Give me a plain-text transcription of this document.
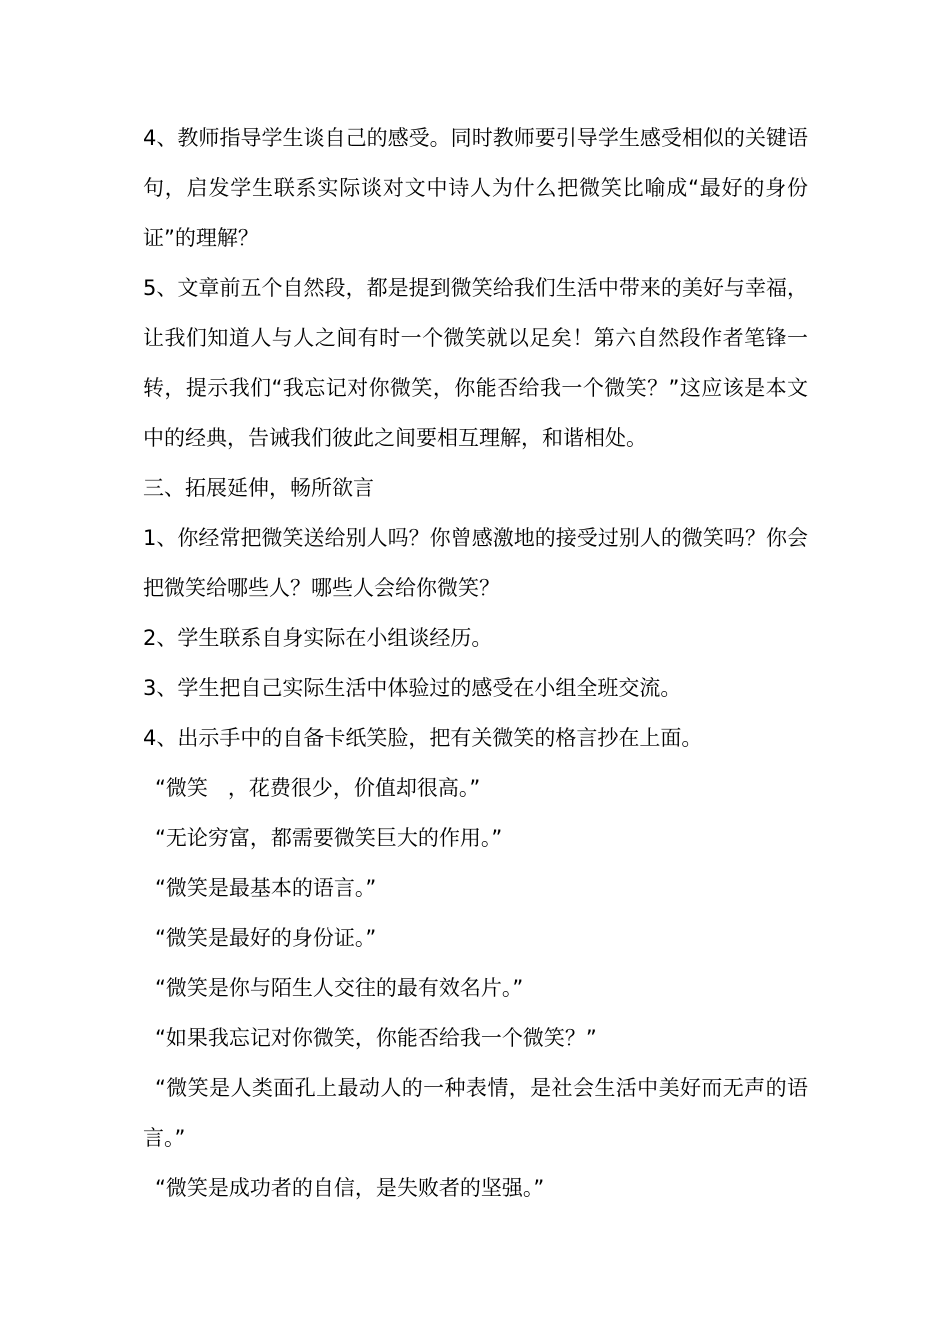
4、教师指导学生谈自己的感受。同时教师要引导学生感受相似的关键语句，启发学生联系实际谈对文中诗人为什么把微笑比喻成“最好的身份证”的理解？

5、文章前五个自然段，都是提到微笑给我们生活中带来的美好与幸福，让我们知道人与人之间有时一个微笑就以足矣！第六自然段作者笔锋一转，提示我们“我忘记对你微笑，你能否给我一个微笑？”这应该是本文中的经典，告诫我们彼此之间要相互理解，和谐相处。

三、拓展延伸，畅所欲言

1、你经常把微笑送给别人吗？你曾感激地的接受过别人的微笑吗？你会把微笑给哪些人？哪些人会给你微笑？

2、学生联系自身实际在小组谈经历。

3、学生把自己实际生活中体验过的感受在小组全班交流。

4、出示手中的自备卡纸笑脸，把有关微笑的格言抄在上面。

“微笑   ，花费很少，价值却很高。”

“无论穷富，都需要微笑巨大的作用。”

“微笑是最基本的语言。”

“微笑是最好的身份证。”

“微笑是你与陌生人交往的最有效名片。”

“如果我忘记对你微笑，你能否给我一个微笑？”

“微笑是人类面孔上最动人的一种表情，是社会生活中美好而无声的语言。”

“微笑是成功者的自信，是失败者的坚强。”
